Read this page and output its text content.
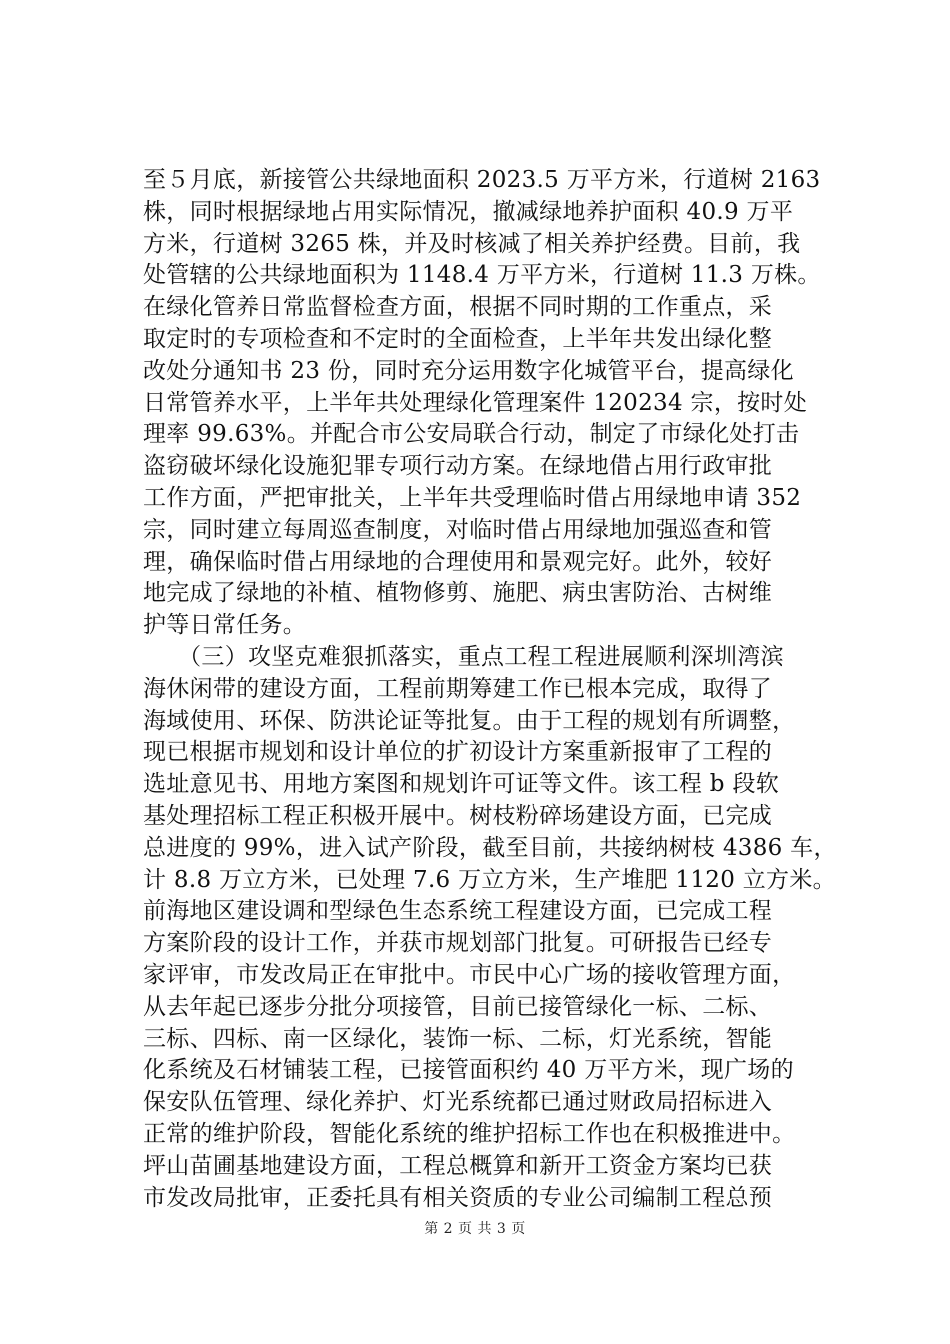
至５月底，新接管公共绿地面积 2023.5 万平方米，行道树 2163
株，同时根据绿地占用实际情况，撤减绿地养护面积 40.9 万平
方米，行道树 3265 株，并及时核减了相关养护经费。目前，我
处管辖的公共绿地面积为 1148.4 万平方米，行道树 11.3 万株。
在绿化管养日常监督检查方面，根据不同时期的工作重点，采
取定时的专项检查和不定时的全面检查，上半年共发出绿化整
改处分通知书 23 份，同时充分运用数字化城管平台，提高绿化
日常管养水平，上半年共处理绿化管理案件 120234 宗，按时处
理率 99.63%。并配合市公安局联合行动，制定了市绿化处打击
盗窃破坏绿化设施犯罪专项行动方案。在绿地借占用行政审批
工作方面，严把审批关，上半年共受理临时借占用绿地申请 352
宗，同时建立每周巡查制度，对临时借占用绿地加强巡查和管
理，确保临时借占用绿地的合理使用和景观完好。此外，较好
地完成了绿地的补植、植物修剪、施肥、病虫害防治、古树维
护等日常任务。
　　（三）攻坚克难狠抓落实，重点工程工程进展顺利深圳湾滨
海休闲带的建设方面，工程前期筹建工作已根本完成，取得了
海域使用、环保、防洪论证等批复。由于工程的规划有所调整，
现已根据市规划和设计单位的扩初设计方案重新报审了工程的
选址意见书、用地方案图和规划许可证等文件。该工程 b 段软
基处理招标工程正积极开展中。树枝粉碎场建设方面，已完成
总进度的 99%，进入试产阶段，截至目前，共接纳树枝 4386 车，
计 8.8 万立方米，已处理 7.6 万立方米，生产堆肥 1120 立方米。
前海地区建设调和型绿色生态系统工程建设方面，已完成工程
方案阶段的设计工作，并获市规划部门批复。可研报告已经专
家评审，市发改局正在审批中。市民中心广场的接收管理方面，
从去年起已逐步分批分项接管，目前已接管绿化一标、二标、
三标、四标、南一区绿化，装饰一标、二标，灯光系统，智能
化系统及石材铺装工程，已接管面积约 40 万平方米，现广场的
保安队伍管理、绿化养护、灯光系统都已通过财政局招标进入
正常的维护阶段，智能化系统的维护招标工作也在积极推进中。
坪山苗圃基地建设方面，工程总概算和新开工资金方案均已获
市发改局批审，正委托具有相关资质的专业公司编制工程总预
第 2 页 共 3 页
